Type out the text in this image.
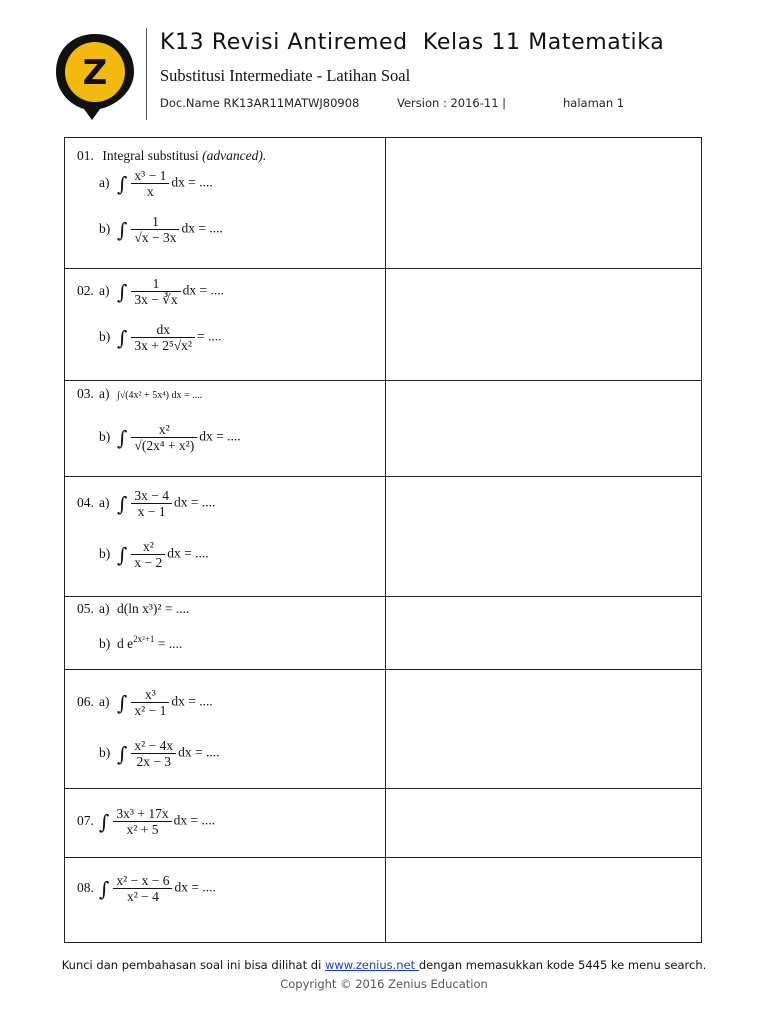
Z
K13 Revisi Antiremed  Kelas 11 Matematika
Substitusi Intermediate - Latihan Soal
Doc.Name RK13AR11MATWJ80908	Version : 2016-11 |	halaman 1
01. Integral substitusi (advanced).
a) ∫ $\frac{\text{x³ − 1}}{x}$ dx = ....
b) ∫ $\frac{1}{√x - 3x}$ dx = ....
02. a) ∫ $\frac{1}{3x - ∛x}$ dx = ....
b) ∫ $\frac{dx}{\text{3x + 2⁵√x²}}$ = ....
03. a) ∫√(4x² + 5x⁴) dx = ....
b) ∫ $\frac{\text{x²}}{\text{√(2x⁴ + x²)}}$ dx = ....
04. a) ∫ $\frac{3x - 4}{x - 1}$ dx = ....
b) ∫ $\frac{\text{x²}}{x - 2}$ dx = ....
05. a) d(ln x³)² = ....
b) d $e^{2x^2+1}$ = ....
06. a) ∫ $\frac{\text{x³}}{\text{x² − 1}}$ dx = ....
b) ∫ $\frac{\text{x² − 4x}}{2x - 3}$ dx = ....
07. ∫ $\frac{\text{3x³ + 17x}}{\text{x² + 5}}$ dx = ....
08. ∫ $\frac{\text{x² − x − 6}}{\text{x² − 4}}$ dx = ....
Kunci dan pembahasan soal ini bisa dilihat di www.zenius.net dengan memasukkan kode 5445 ke menu search.
Copyright © 2016 Zenius Education
